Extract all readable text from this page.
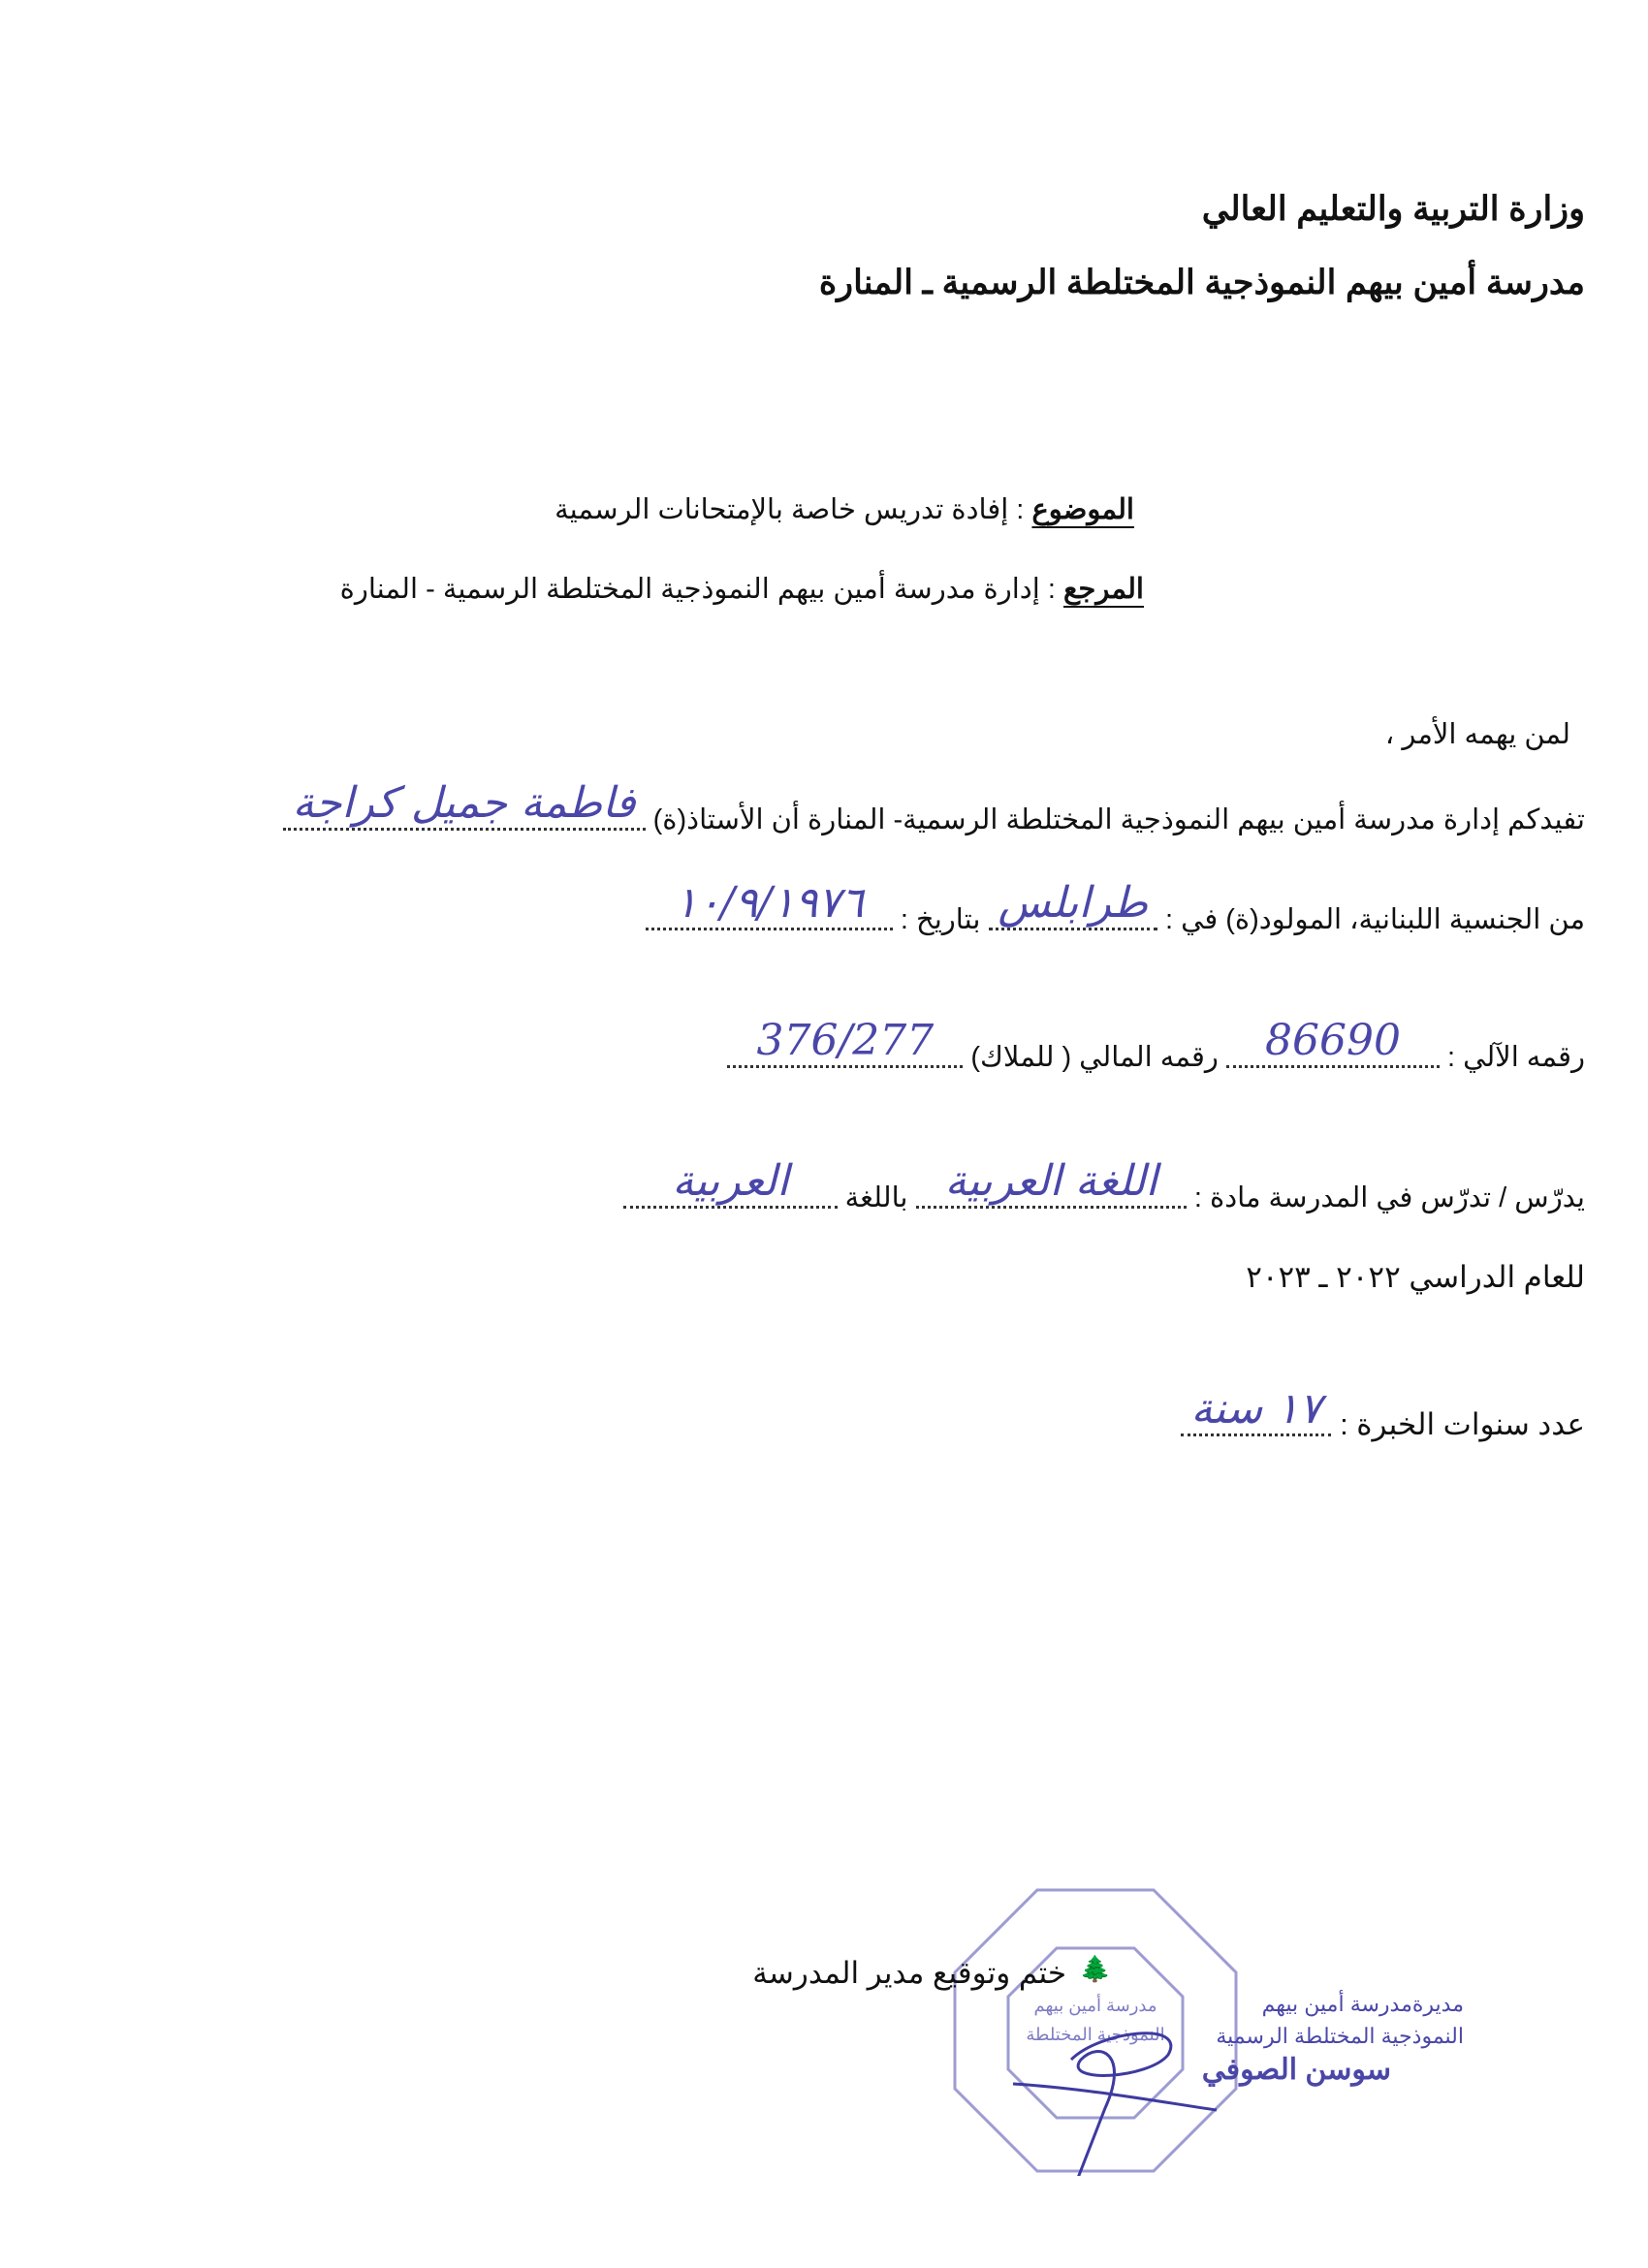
وزارة التربية والتعليم العالي
مدرسة أمين بيهم النموذجية المختلطة الرسمية ـ المنارة
الموضوع : إفادة تدريس خاصة بالإمتحانات الرسمية
المرجع : إدارة مدرسة أمين بيهم النموذجية المختلطة الرسمية - المنارة
لمن يهمه الأمر ،
تفيدكم إدارة مدرسة أمين بيهم النموذجية المختلطة الرسمية- المنارة أن الأستاذ(ة) فاطمة جميل كراجة
من الجنسية اللبنانية، المولود(ة) في : طرابلس بتاريخ : ١٠/٩/١٩٧٦
رقمه الآلي : 86690 رقمه المالي ( للملاك) 376/277
يدرّس / تدرّس في المدرسة مادة : اللغة العربية باللغة العربية
للعام الدراسي ٢٠٢٢ ـ ٢٠٢٣
عدد سنوات الخبرة : ١٧ سنة
مدرسة أمين بيهم
النموذجية المختلطة
🌲
ختم وتوقيع مدير المدرسة
مديرةمدرسة أمين بيهم
النموذجية المختلطة الرسمية
سوسن الصوفي
